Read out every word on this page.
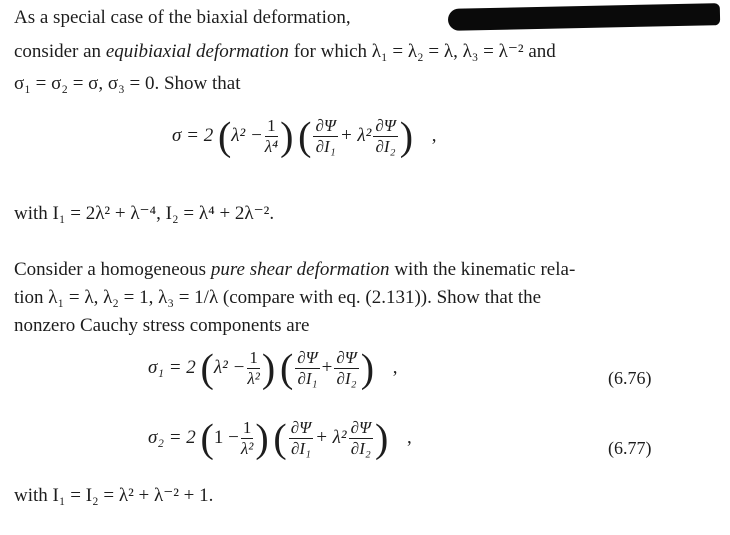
As a special case of the biaxial deformation,
consider an equibiaxial deformation for which λ₁ = λ₂ = λ, λ₃ = λ⁻² and
σ₁ = σ₂ = σ, σ₃ = 0. Show that
σ = 2 ($\lambda^2 - \frac{1}{\text{λ⁴}}$ ) ( $\frac{\partial\Psi}{\text{∂I₁}} + \lambda^2 \frac{\partial\Psi}{\text{∂I₂}}$ ) ,
with I₁ = 2λ² + λ⁻⁴, I₂ = λ⁴ + 2λ⁻².
Consider a homogeneous pure shear deformation with the kinematic rela-
tion λ₁ = λ, λ₂ = 1, λ₃ = 1/λ (compare with eq. (2.131)). Show that the
nonzero Cauchy stress components are
σ₁ = 2 ($\lambda^2 - \frac{1}{\text{λ²}}$ ) ( $\frac{\partial\Psi}{\text{∂I₁}} + \frac{\partial\Psi}{\text{∂I₂}}$ ) ,
(6.76)
σ₂ = 2 ($1 - \frac{1}{\text{λ²}}$ ) ( $\frac{\partial\Psi}{\text{∂I₁}} + \lambda^2 \frac{\partial\Psi}{\text{∂I₂}}$ ) ,
(6.77)
with I₁ = I₂ = λ² + λ⁻² + 1.
